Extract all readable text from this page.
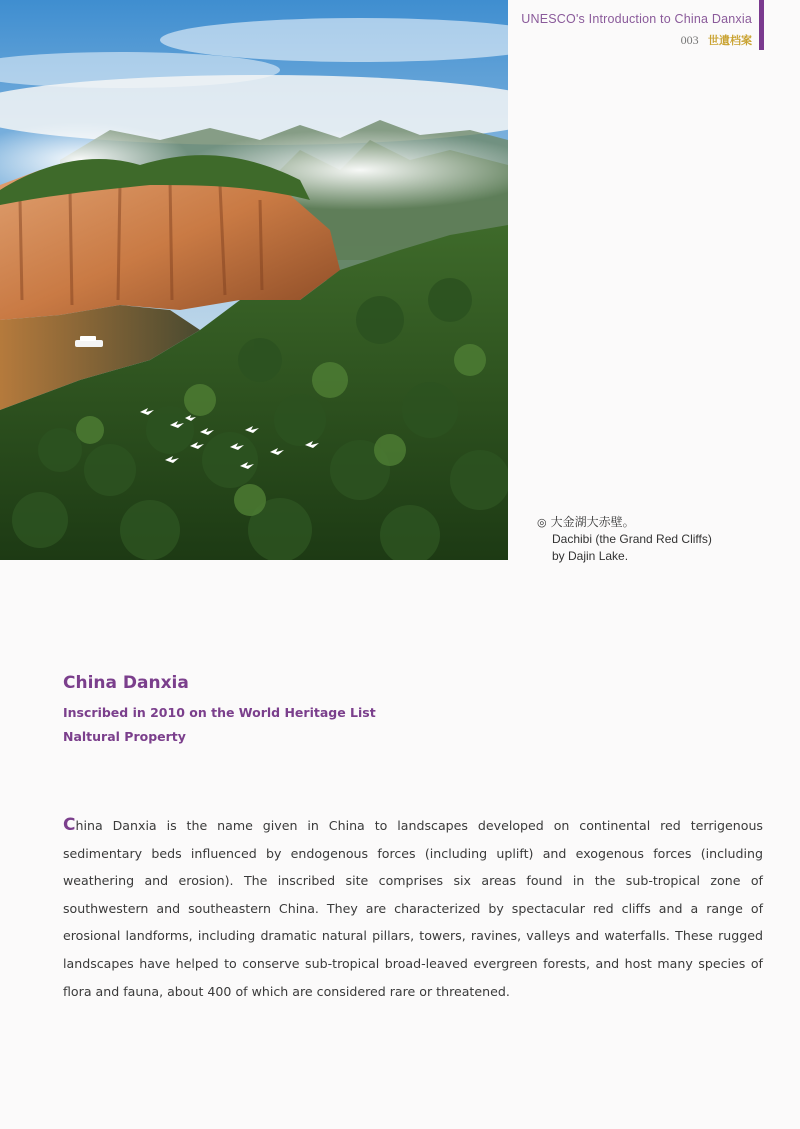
UNESCO's Introduction to China Danxia
003 世遺档案
◎ 大金湖大赤壁。
Dachibi (the Grand Red Cliffs)
by Dajin Lake.
China Danxia
Inscribed in 2010 on the World Heritage List
Naltural Property

China Danxia is the name given in China to landscapes developed on continental red terrigenous sedimentary beds influenced by endogenous forces (including uplift) and exogenous forces (including weathering and erosion). The inscribed site comprises six areas found in the sub-tropical zone of southwestern and southeastern China. They are characterized by spectacular red cliffs and a range of erosional landforms, including dramatic natural pillars, towers, ravines, valleys and waterfalls. These rugged landscapes have helped to conserve sub-tropical broad-leaved evergreen forests, and host many species of flora and fauna, about 400 of which are considered rare or threatened.
